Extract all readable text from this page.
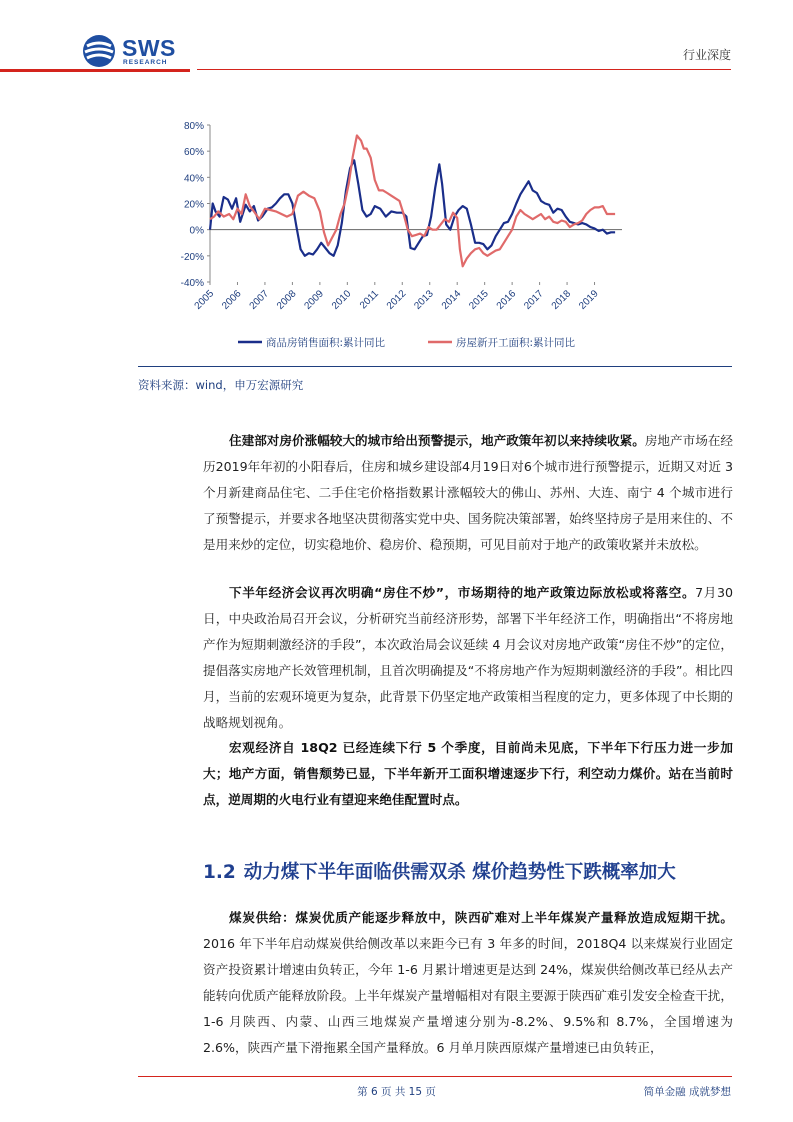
SWS
RESEARCH
行业深度
-40%
-20%
0%
20%
40%
60%
80%
2005 2006 2007 2008 2009 2010 2011 2012 2013 2014 2015 2016 2017 2018 2019
商品房销售面积:累计同比	房屋新开工面积:累计同比
资料来源：wind，申万宏源研究

住建部对房价涨幅较大的城市给出预警提示，地产政策年初以来持续收紧。房地产市场在经历2019年年初的小阳春后，住房和城乡建设部4月19日对6个城市进行预警提示，近期又对近 3 个月新建商品住宅、二手住宅价格指数累计涨幅较大的佛山、苏州、大连、南宁 4 个城市进行了预警提示，并要求各地坚决贯彻落实党中央、国务院决策部署，始终坚持房子是用来住的、不是用来炒的定位，切实稳地价、稳房价、稳预期，可见目前对于地产的政策收紧并未放松。

下半年经济会议再次明确“房住不炒”，市场期待的地产政策边际放松或将落空。7月30日，中央政治局召开会议，分析研究当前经济形势，部署下半年经济工作，明确指出“不将房地产作为短期刺激经济的手段”，本次政治局会议延续 4 月会议对房地产政策“房住不炒”的定位，提倡落实房地产长效管理机制，且首次明确提及“不将房地产作为短期刺激经济的手段”。相比四月，当前的宏观环境更为复杂，此背景下仍坚定地产政策相当程度的定力，更多体现了中长期的战略规划视角。

宏观经济自 18Q2 已经连续下行 5 个季度，目前尚未见底，下半年下行压力进一步加大；地产方面，销售颓势已显，下半年新开工面积增速逐步下行，利空动力煤价。站在当前时点，逆周期的火电行业有望迎来绝佳配置时点。

1.2 动力煤下半年面临供需双杀 煤价趋势性下跌概率加大

煤炭供给：煤炭优质产能逐步释放中，陕西矿难对上半年煤炭产量释放造成短期干扰。2016 年下半年启动煤炭供给侧改革以来距今已有 3 年多的时间，2018Q4 以来煤炭行业固定资产投资累计增速由负转正，今年 1-6 月累计增速更是达到 24%，煤炭供给侧改革已经从去产能转向优质产能释放阶段。上半年煤炭产量增幅相对有限主要源于陕西矿难引发安全检查干扰，1-6 月陕西、内蒙、山西三地煤炭产量增速分别为-8.2%、9.5%和 8.7%，全国增速为 2.6%，陕西产量下滑拖累全国产量释放。6 月单月陕西原煤产量增速已由负转正，

第 6 页 共 15 页	简单金融 成就梦想
